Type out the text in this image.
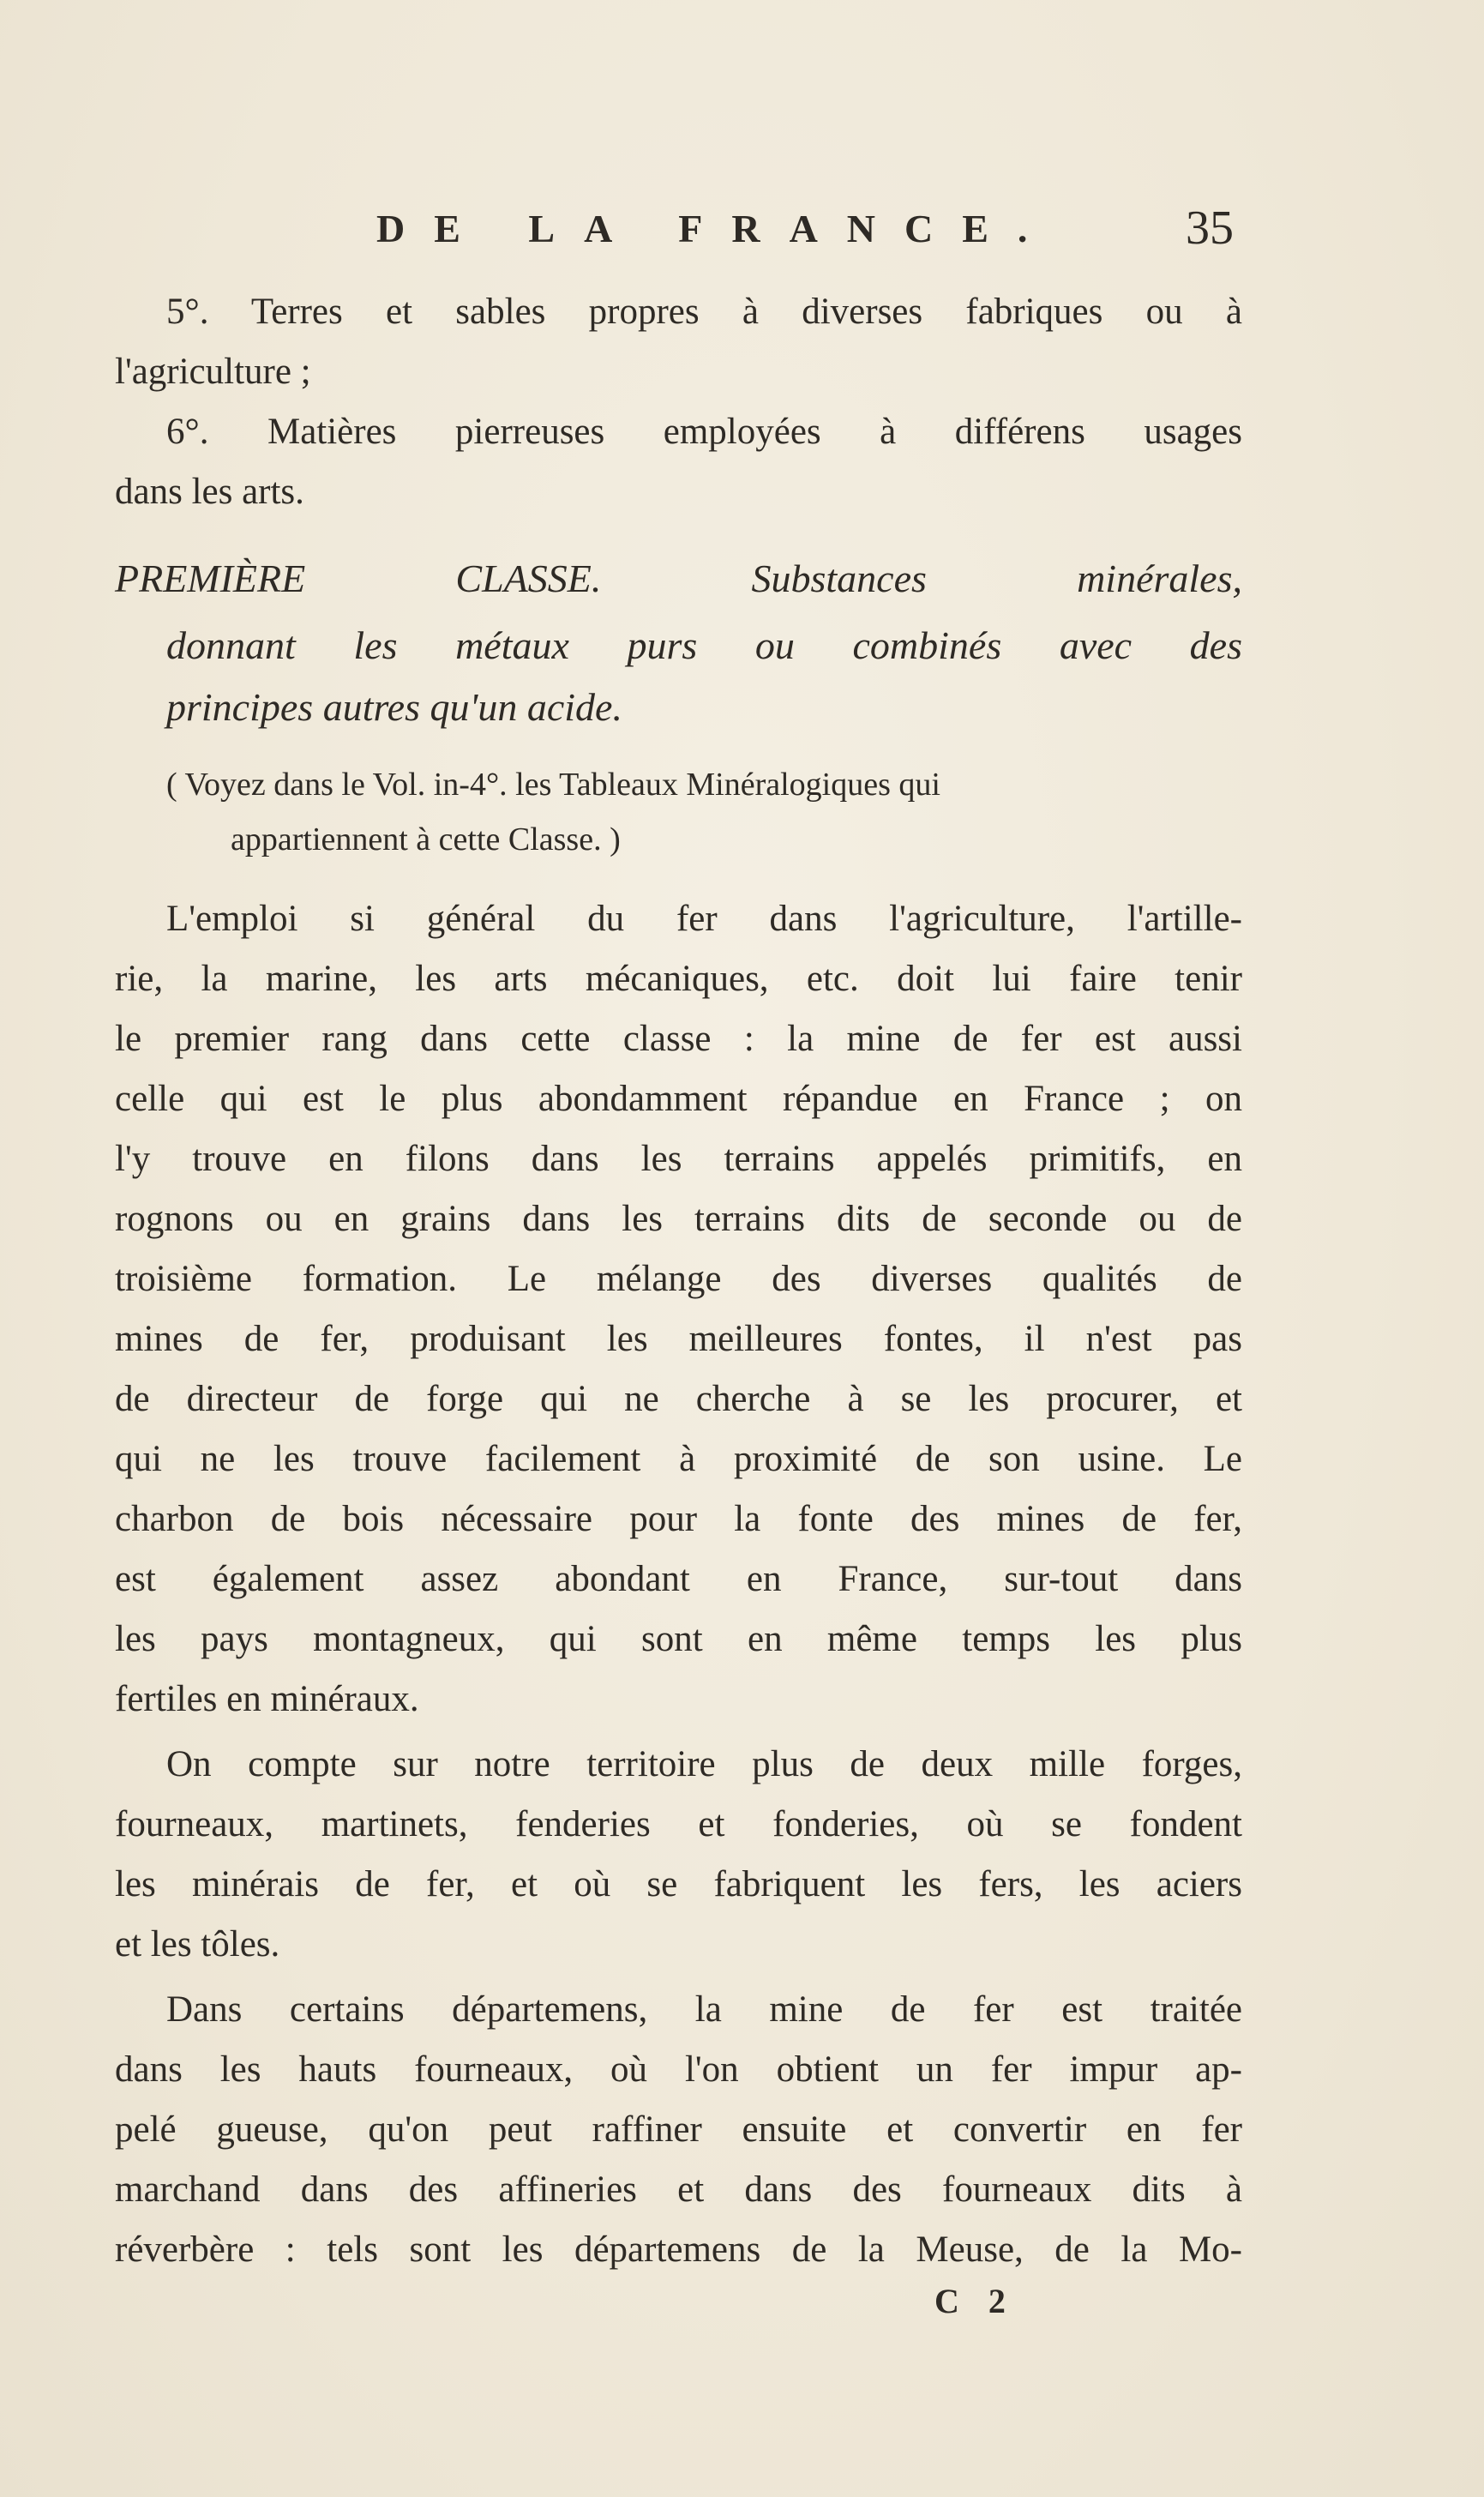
DE LA FRANCE.	35
5°. Terres et sables propres à diverses fabriques ou à
l'agriculture ;
6°. Matières pierreuses employées à différens usages
dans les arts.
PREMIÈRE CLASSE. Substances minérales,
donnant les métaux purs ou combinés avec des
principes autres qu'un acide.
( Voyez dans le Vol. in-4°. les Tableaux Minéralogiques qui
appartiennent à cette Classe. )
L'emploi si général du fer dans l'agriculture, l'artille-
rie, la marine, les arts mécaniques, etc. doit lui faire tenir
le premier rang dans cette classe : la mine de fer est aussi
celle qui est le plus abondamment répandue en France ; on
l'y trouve en filons dans les terrains appelés primitifs, en
rognons ou en grains dans les terrains dits de seconde ou de
troisième formation. Le mélange des diverses qualités de
mines de fer, produisant les meilleures fontes, il n'est pas
de directeur de forge qui ne cherche à se les procurer, et
qui ne les trouve facilement à proximité de son usine. Le
charbon de bois nécessaire pour la fonte des mines de fer,
est également assez abondant en France, sur-tout dans
les pays montagneux, qui sont en même temps les plus
fertiles en minéraux.
On compte sur notre territoire plus de deux mille forges,
fourneaux, martinets, fenderies et fonderies, où se fondent
les minérais de fer, et où se fabriquent les fers, les aciers
et les tôles.
Dans certains départemens, la mine de fer est traitée
dans les hauts fourneaux, où l'on obtient un fer impur ap-
pelé gueuse, qu'on peut raffiner ensuite et convertir en fer
marchand dans des affineries et dans des fourneaux dits à
réverbère : tels sont les départemens de la Meuse, de la Mo-
C 2
